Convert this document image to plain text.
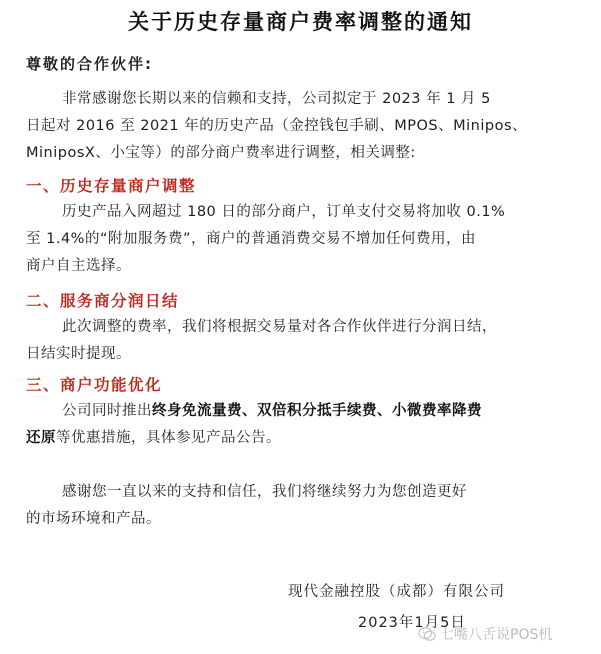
关于历史存量商户费率调整的通知
尊敬的合作伙伴:
非常感谢您长期以来的信赖和支持，公司拟定于 2023 年 1 月 5
日起对 2016 至 2021 年的历史产品（金控钱包手刷、MPOS、Minipos、
MiniposX、小宝等）的部分商户费率进行调整，相关调整:
一、历史存量商户调整
历史产品入网超过 180 日的部分商户，订单支付交易将加收 0.1%
至 1.4%的“附加服务费”，商户的普通消费交易不增加任何费用，由
商户自主选择。
二、服务商分润日结
此次调整的费率，我们将根据交易量对各合作伙伴进行分润日结，
日结实时提现。
三、商户功能优化
公司同时推出终身免流量费、双倍积分抵手续费、小微费率降费
还原等优惠措施，具体参见产品公告。
感谢您一直以来的支持和信任，我们将继续努力为您创造更好
的市场环境和产品。
现代金融控股（成都）有限公司
2023年1月5日
七嘴八舌说POS机
